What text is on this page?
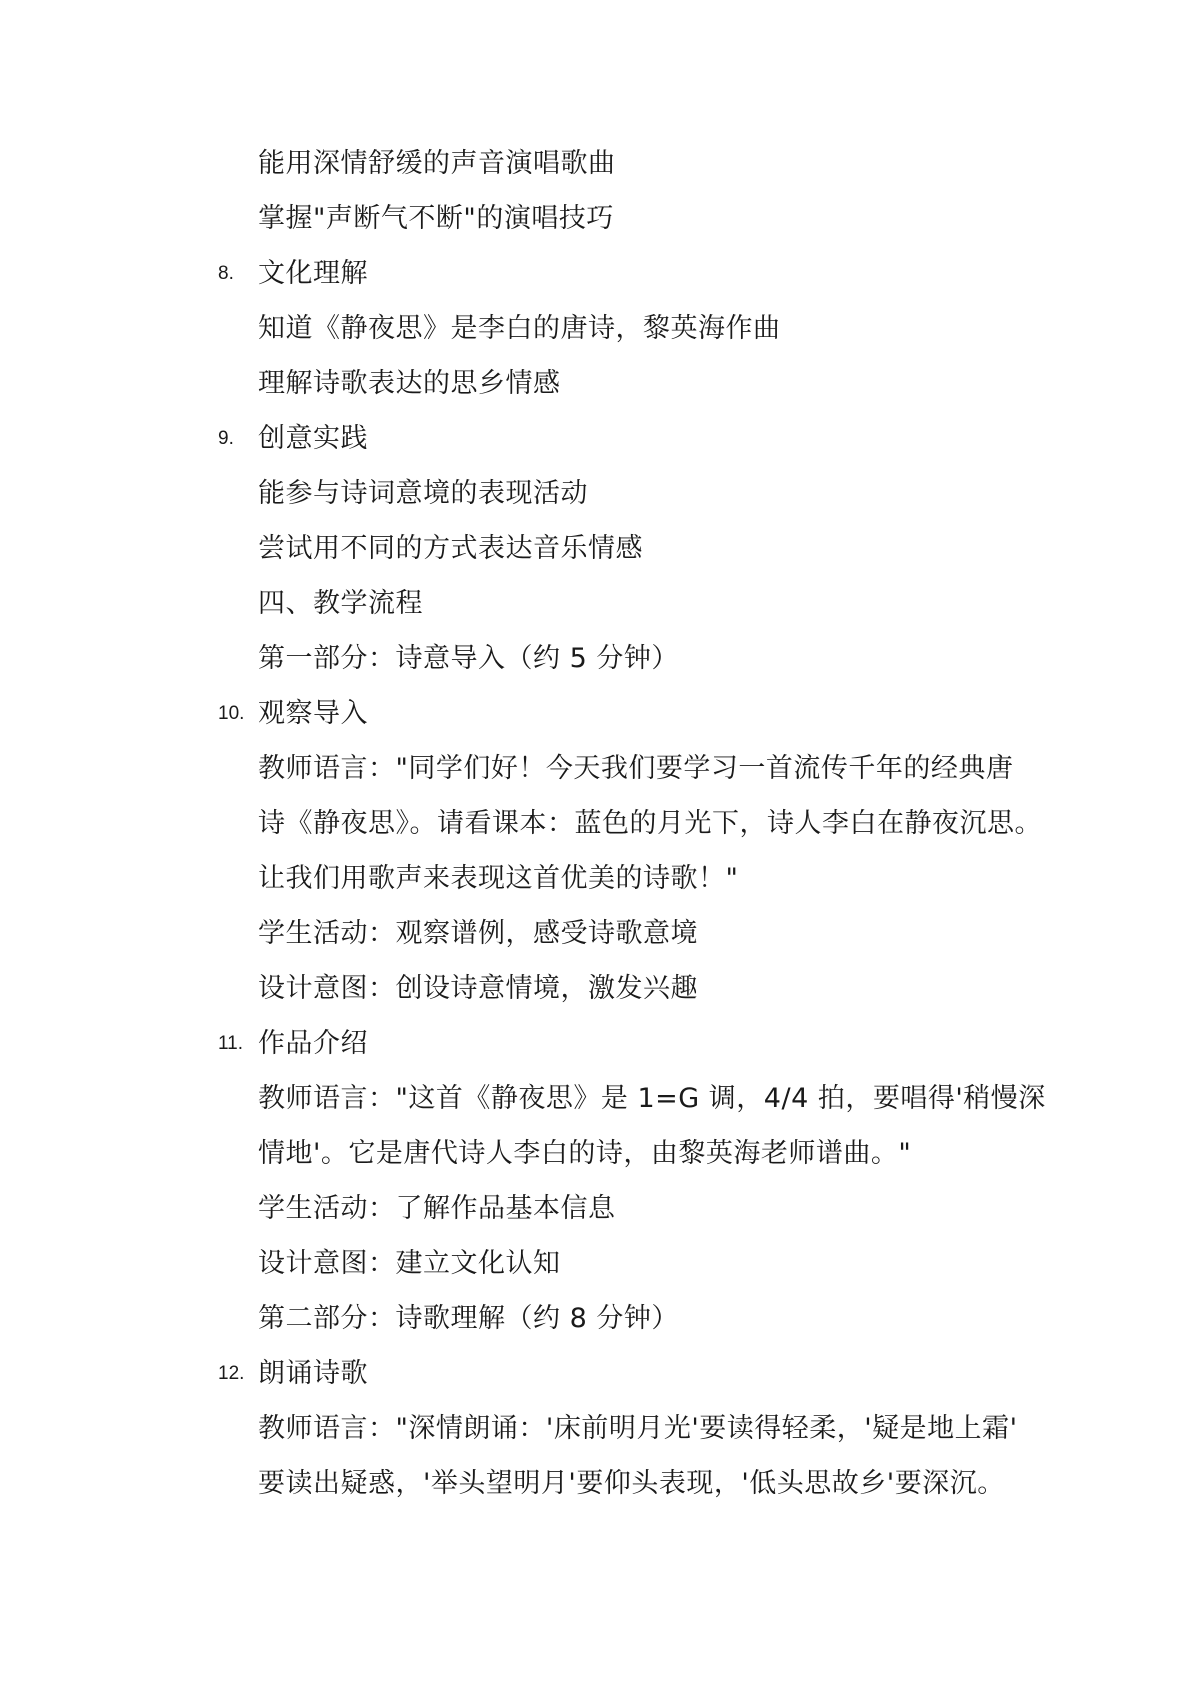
能用深情舒缓的声音演唱歌曲
掌握"声断气不断"的演唱技巧
8. 文化理解
知道《静夜思》是李白的唐诗，黎英海作曲
理解诗歌表达的思乡情感
9. 创意实践
能参与诗词意境的表现活动
尝试用不同的方式表达音乐情感
四、教学流程
第一部分：诗意导入（约 5 分钟）
10. 观察导入
教师语言："同学们好！今天我们要学习一首流传千年的经典唐
诗《静夜思》。请看课本：蓝色的月光下，诗人李白在静夜沉思。
让我们用歌声来表现这首优美的诗歌！"
学生活动：观察谱例，感受诗歌意境
设计意图：创设诗意情境，激发兴趣
11. 作品介绍
教师语言："这首《静夜思》是 1=G 调，4/4 拍，要唱得'稍慢深
情地'。它是唐代诗人李白的诗，由黎英海老师谱曲。"
学生活动：了解作品基本信息
设计意图：建立文化认知
第二部分：诗歌理解（约 8 分钟）
12. 朗诵诗歌
教师语言："深情朗诵：'床前明月光'要读得轻柔，'疑是地上霜'
要读出疑惑，'举头望明月'要仰头表现，'低头思故乡'要深沉。
